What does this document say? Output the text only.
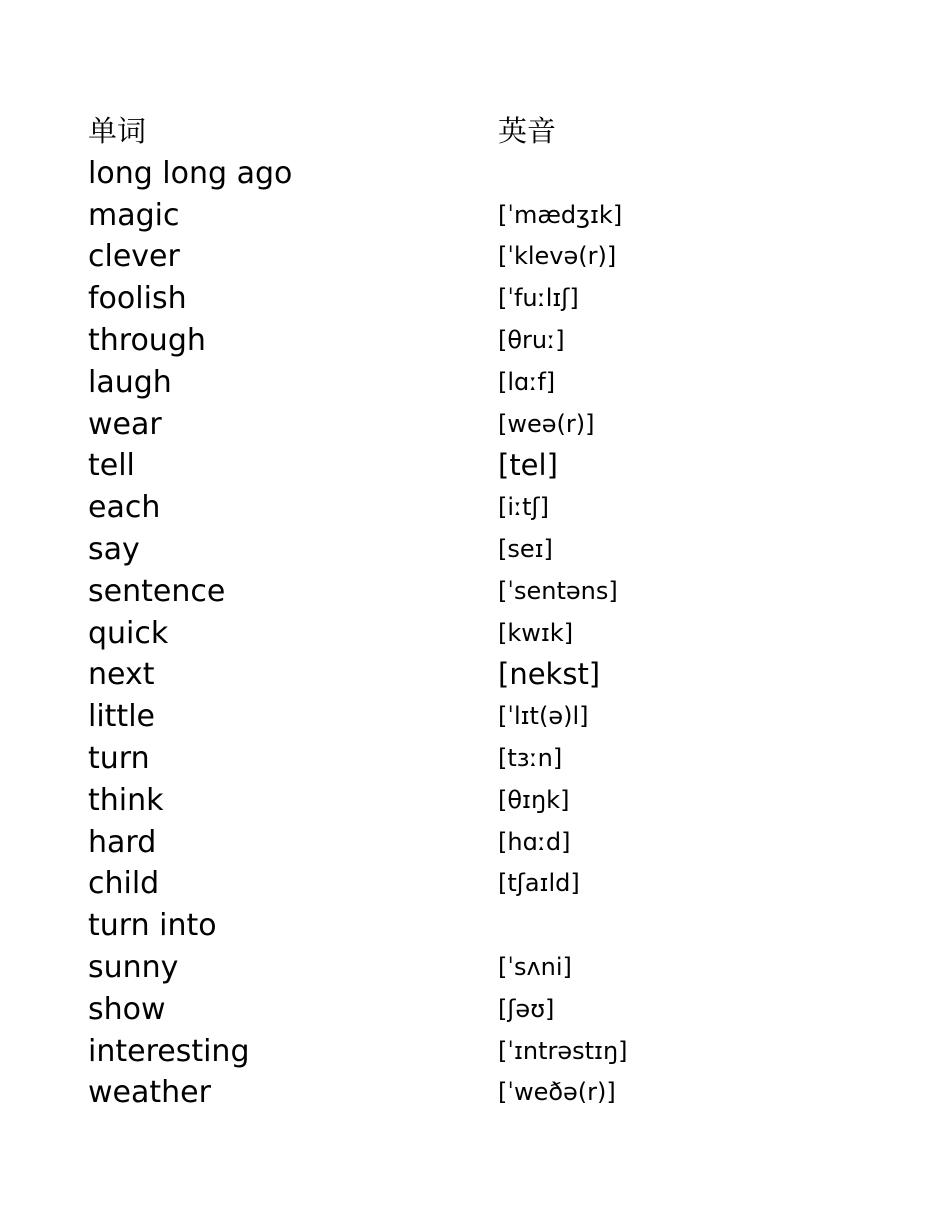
单词	英音
long long ago
magic	[ˈmædʒɪk]
clever	[ˈklevə(r)]
foolish	[ˈfuːlɪʃ]
through	[θruː]
laugh	[lɑːf]
wear	[weə(r)]
tell	[tel]
each	[iːtʃ]
say	[seɪ]
sentence	[ˈsentəns]
quick	[kwɪk]
next	[nekst]
little	[ˈlɪt(ə)l]
turn	[tɜːn]
think	[θɪŋk]
hard	[hɑːd]
child	[tʃaɪld]
turn into
sunny	[ˈsʌni]
show	[ʃəʊ]
interesting	[ˈɪntrəstɪŋ]
weather	[ˈweðə(r)]
